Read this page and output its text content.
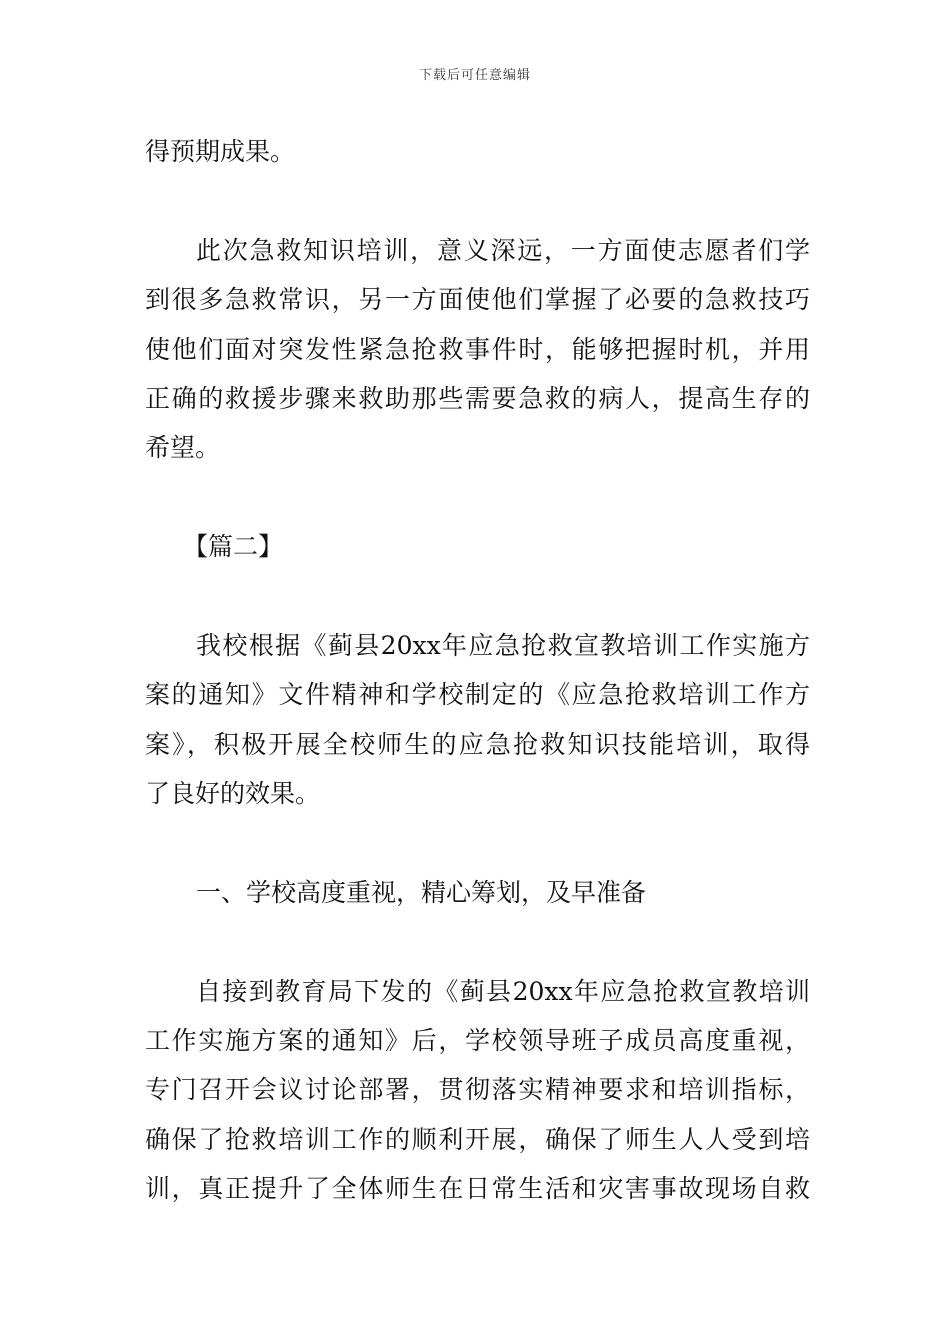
下载后可任意编辑
得预期成果。
此次急救知识培训，意义深远，一方面使志愿者们学
到很多急救常识，另一方面使他们掌握了必要的急救技巧
使他们面对突发性紧急抢救事件时，能够把握时机，并用
正确的救援步骤来救助那些需要急救的病人，提高生存的
希望。
【篇二】
我校根据《蓟县20xx年应急抢救宣教培训工作实施方
案的通知》文件精神和学校制定的《应急抢救培训工作方
案》，积极开展全校师生的应急抢救知识技能培训，取得
了良好的效果。
一、学校高度重视，精心筹划，及早准备
自接到教育局下发的《蓟县20xx年应急抢救宣教培训
工作实施方案的通知》后，学校领导班子成员高度重视，
专门召开会议讨论部署，贯彻落实精神要求和培训指标，
确保了抢救培训工作的顺利开展，确保了师生人人受到培
训，真正提升了全体师生在日常生活和灾害事故现场自救
